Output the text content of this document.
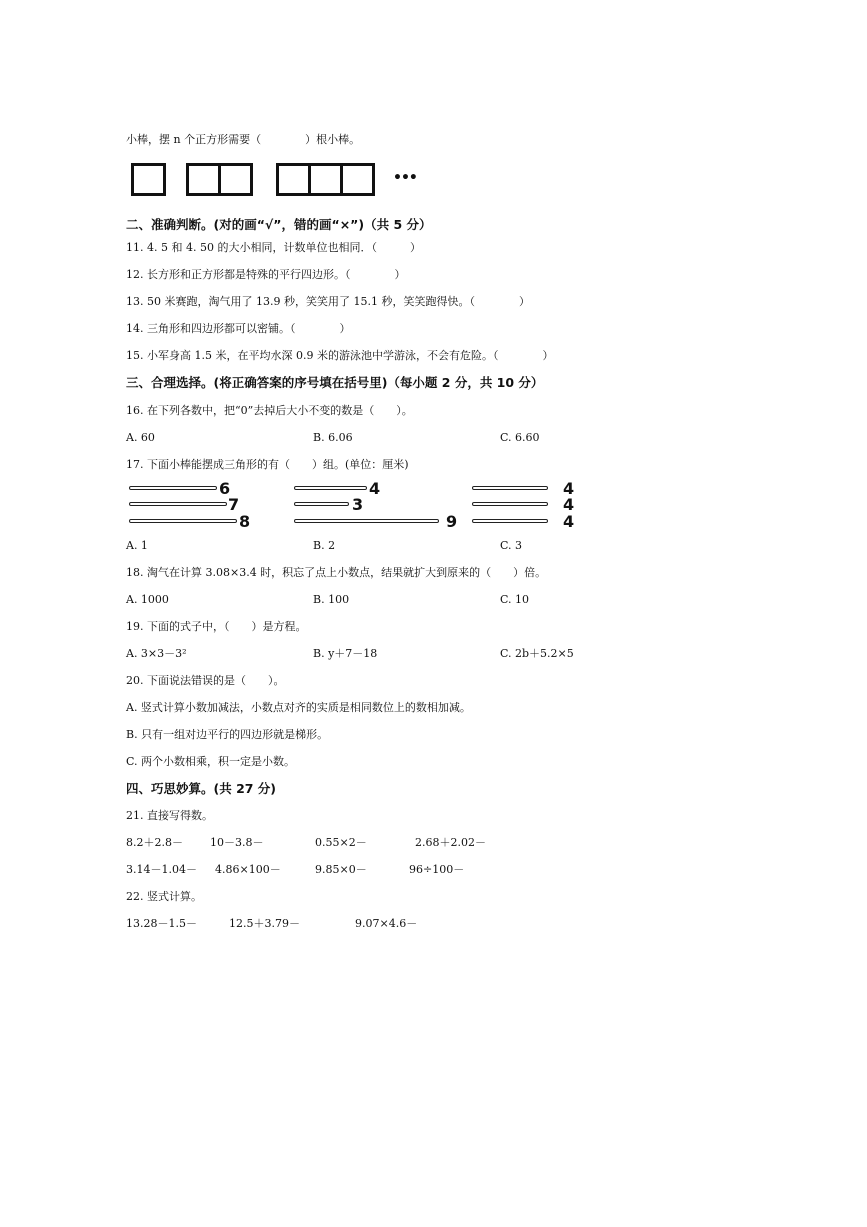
小棒，摆 n 个正方形需要（　　　　）根小棒。
•••
二、准确判断。(对的画“√”，错的画“×”)（共 5 分）
11. 4. 5 和 4. 50 的大小相同，计数单位也相同．（　　　）
12. 长方形和正方形都是特殊的平行四边形。（　　　　）
13. 50 米赛跑，淘气用了 13.9 秒，笑笑用了 15.1 秒，笑笑跑得快。（　　　　）
14. 三角形和四边形都可以密铺。（　　　　）
15. 小军身高 1.5 米，在平均水深 0.9 米的游泳池中学游泳，不会有危险。（　　　　）
三、合理选择。(将正确答案的序号填在括号里)（每小题 2 分，共 10 分）
16. 在下列各数中，把“0”去掉后大小不变的数是（　　）。
A. 60	B. 6.06	C. 6.60
17. 下面小棒能摆成三角形的有（　　）组。(单位：厘米)
6
7
8
4
3
9
4
4
4
A. 1	B. 2	C. 3
18. 淘气在计算 3.08×3.4 时，积忘了点上小数点，结果就扩大到原来的（　　）倍。
A. 1000	B. 100	C. 10
19. 下面的式子中，（　　）是方程。
A. 3×3－3²	B. y＋7－18	C. 2b＋5.2×5
20. 下面说法错误的是（　　）。
A. 竖式计算小数加减法，小数点对齐的实质是相同数位上的数相加减。
B. 只有一组对边平行的四边形就是梯形。
C. 两个小数相乘，积一定是小数。
四、巧思妙算。(共 27 分)
21. 直接写得数。
8.2＋2.8－ 10－3.8－	0.55×2－	2.68＋2.02－
3.14－1.04－ 4.86×100－	9.85×0－	96÷100－
22. 竖式计算。
13.28－1.5－	12.5＋3.79－	9.07×4.6－
